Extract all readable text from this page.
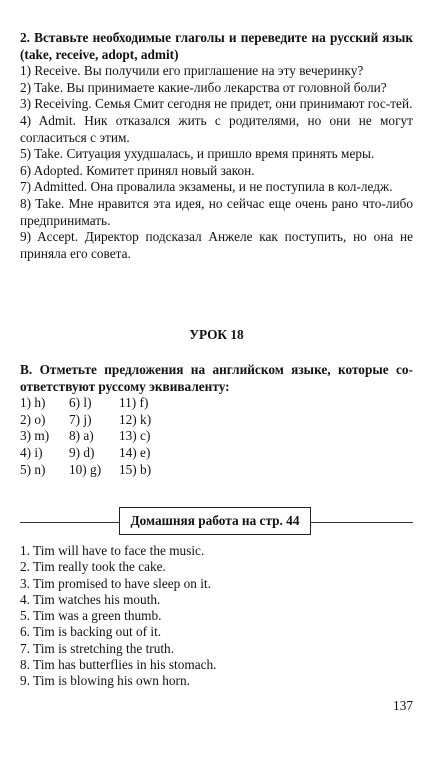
2. Вставьте необходимые глаголы и переведите на русский язык (take, receive, adopt, admit)

1) Receive. Вы получили его приглашение на эту вечеринку?

2) Take. Вы принимаете какие-либо лекарства от головной боли?

3) Receiving. Семья Смит сегодня не придет, они принимают гос-тей.

4) Admit. Ник отказался жить с родителями, но они не могут согласиться с этим.

5) Take. Ситуация ухудшалась, и пришло время принять меры.

6) Adopted. Комитет принял новый закон.

7) Admitted. Она провалила экзамены, и не поступила в кол-ледж.

8) Take. Мне нравится эта идея, но сейчас еще очень рано что-либо предпринимать.

9) Accept. Директор подсказал Анжеле как поступить, но она не приняла его совета.

УРОК 18

B. Отметьте предложения на английском языке, которые со-ответствуют руссому эквиваленту:

1) h)
2) o)
3) m)
4) i)
5) n)
6) l)
7) j)
8) a)
9) d)
10) g)
11) f)
12) k)
13) c)
14) e)
15) b)
Домашняя работа на стр. 44

1. Tim will have to face the music.

2. Tim really took the cake.

3. Tim promised to have sleep on it.

4. Tim watches his mouth.

5. Tim was a green thumb.

6. Tim is backing out of it.

7. Tim is stretching the truth.

8. Tim has butterflies in his stomach.

9. Tim is blowing his own horn.

137
